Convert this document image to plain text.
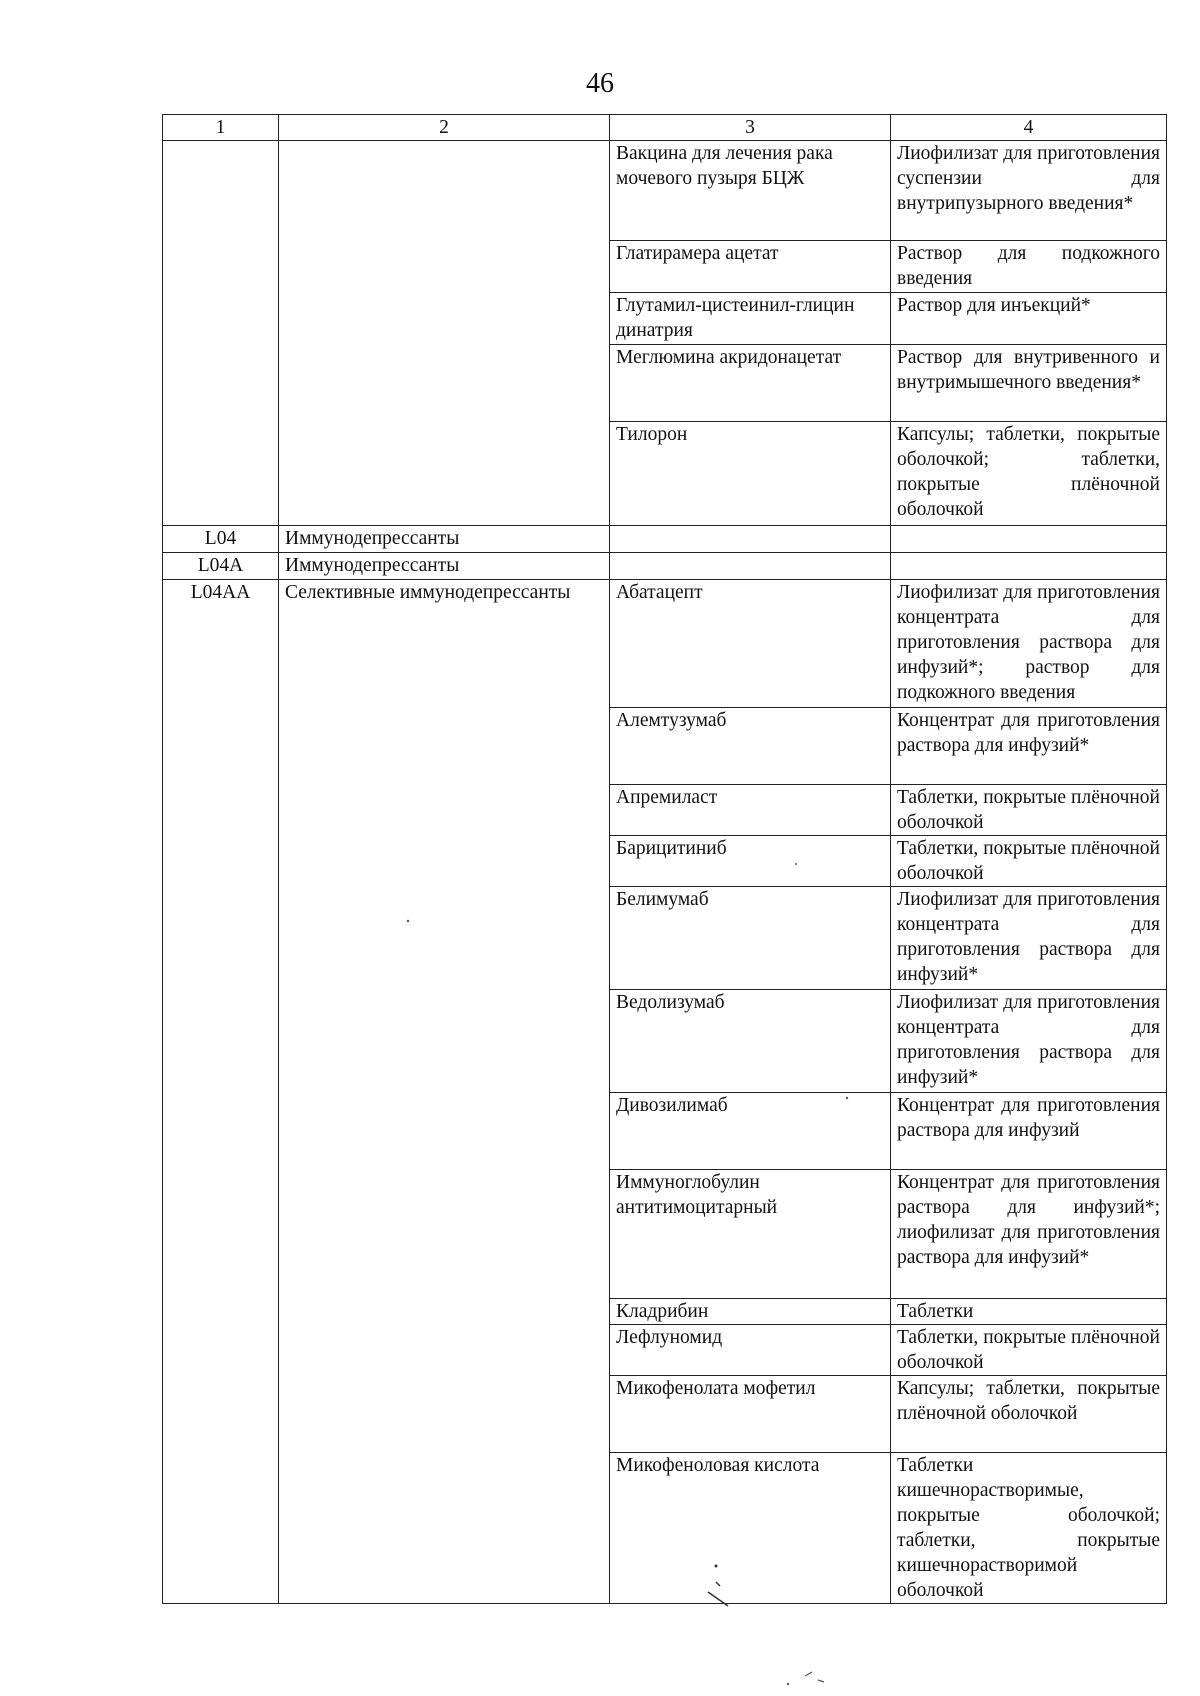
46
1	2	3	4
		Вакцина для лечения рака мочевого пузыря БЦЖ	Лиофилизат для приготовления суспензии для внутрипузырного введения*
		Глатирамера ацетат	Раствор для подкожного введения
		Глутамил-цистеинил-глицин динатрия	Раствор для инъекций*
		Меглюмина акридонацетат	Раствор для внутривенного и внутримышечного введения*
		Тилорон	Капсулы; таблетки, покрытые оболочкой; таблетки, покрытые плёночной оболочкой
L04	Иммунодепрессанты		
L04A	Иммунодепрессанты		
L04AA	Селективные иммунодепрессанты	Абатацепт	Лиофилизат для приготовления концентрата для приготовления раствора для инфузий*; раствор для подкожного введения
		Алемтузумаб	Концентрат для приготовления раствора для инфузий*
		Апремиласт	Таблетки, покрытые плёночной оболочкой
		Барицитиниб	Таблетки, покрытые плёночной оболочкой
		Белимумаб	Лиофилизат для приготовления концентрата для приготовления раствора для инфузий*
		Ведолизумаб	Лиофилизат для приготовления концентрата для приготовления раствора для инфузий*
		Дивозилимаб	Концентрат для приготовления раствора для инфузий
		Иммуноглобулин антитимоцитарный	Концентрат для приготовления раствора для инфузий*; лиофилизат для приготовления раствора для инфузий*
		Кладрибин	Таблетки
		Лефлуномид	Таблетки, покрытые плёночной оболочкой
		Микофенолата мофетил	Капсулы; таблетки, покрытые плёночной оболочкой
		Микофеноловая кислота	Таблетки кишечнорастворимые, покрытые оболочкой; таблетки, покрытые кишечнорастворимой оболочкой
